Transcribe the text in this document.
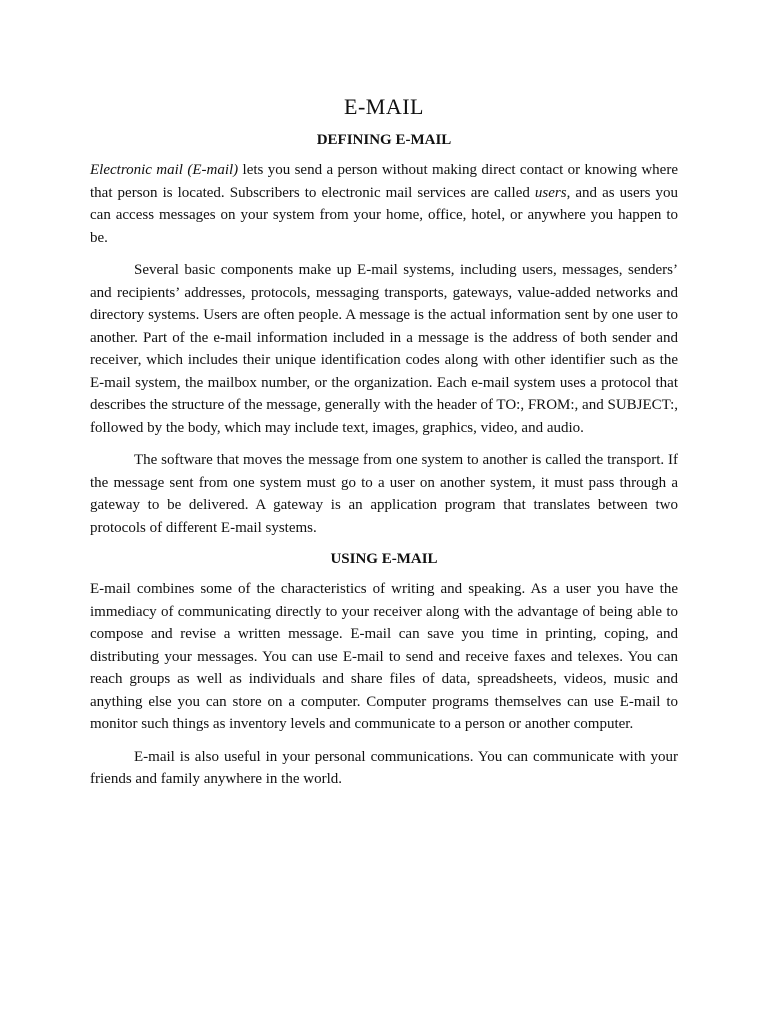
E-MAIL
DEFINING E-MAIL

Electronic mail (E-mail) lets you send a person without making direct contact or knowing where that person is located. Subscribers to electronic mail services are called users, and as users you can access messages on your system from your home, office, hotel, or anywhere you happen to be.

Several basic components make up E-mail systems, including users, messages, senders’ and recipients’ addresses, protocols, messaging transports, gateways, value-added networks and directory systems. Users are often people. A message is the actual information sent by one user to another. Part of the e-mail information included in a message is the address of both sender and receiver, which includes their unique identification codes along with other identifier such as the E-mail system, the mailbox number, or the organization. Each e-mail system uses a protocol that describes the structure of the message, generally with the header of TO:, FROM:, and SUBJECT:, followed by the body, which may include text, images, graphics, video, and audio.

The software that moves the message from one system to another is called the transport. If the message sent from one system must go to a user on another system, it must pass through a gateway to be delivered. A gateway is an application program that translates between two protocols of different E-mail systems.

USING E-MAIL

E-mail combines some of the characteristics of writing and speaking. As a user you have the immediacy of communicating directly to your receiver along with the advantage of being able to compose and revise a written message. E-mail can save you time in printing, coping, and distributing your messages. You can use E-mail to send and receive faxes and telexes. You can reach groups as well as individuals and share files of data, spreadsheets, videos, music and anything else you can store on a computer. Computer programs themselves can use E-mail to monitor such things as inventory levels and communicate to a person or another computer.

E-mail is also useful in your personal communications. You can communicate with your friends and family anywhere in the world.
